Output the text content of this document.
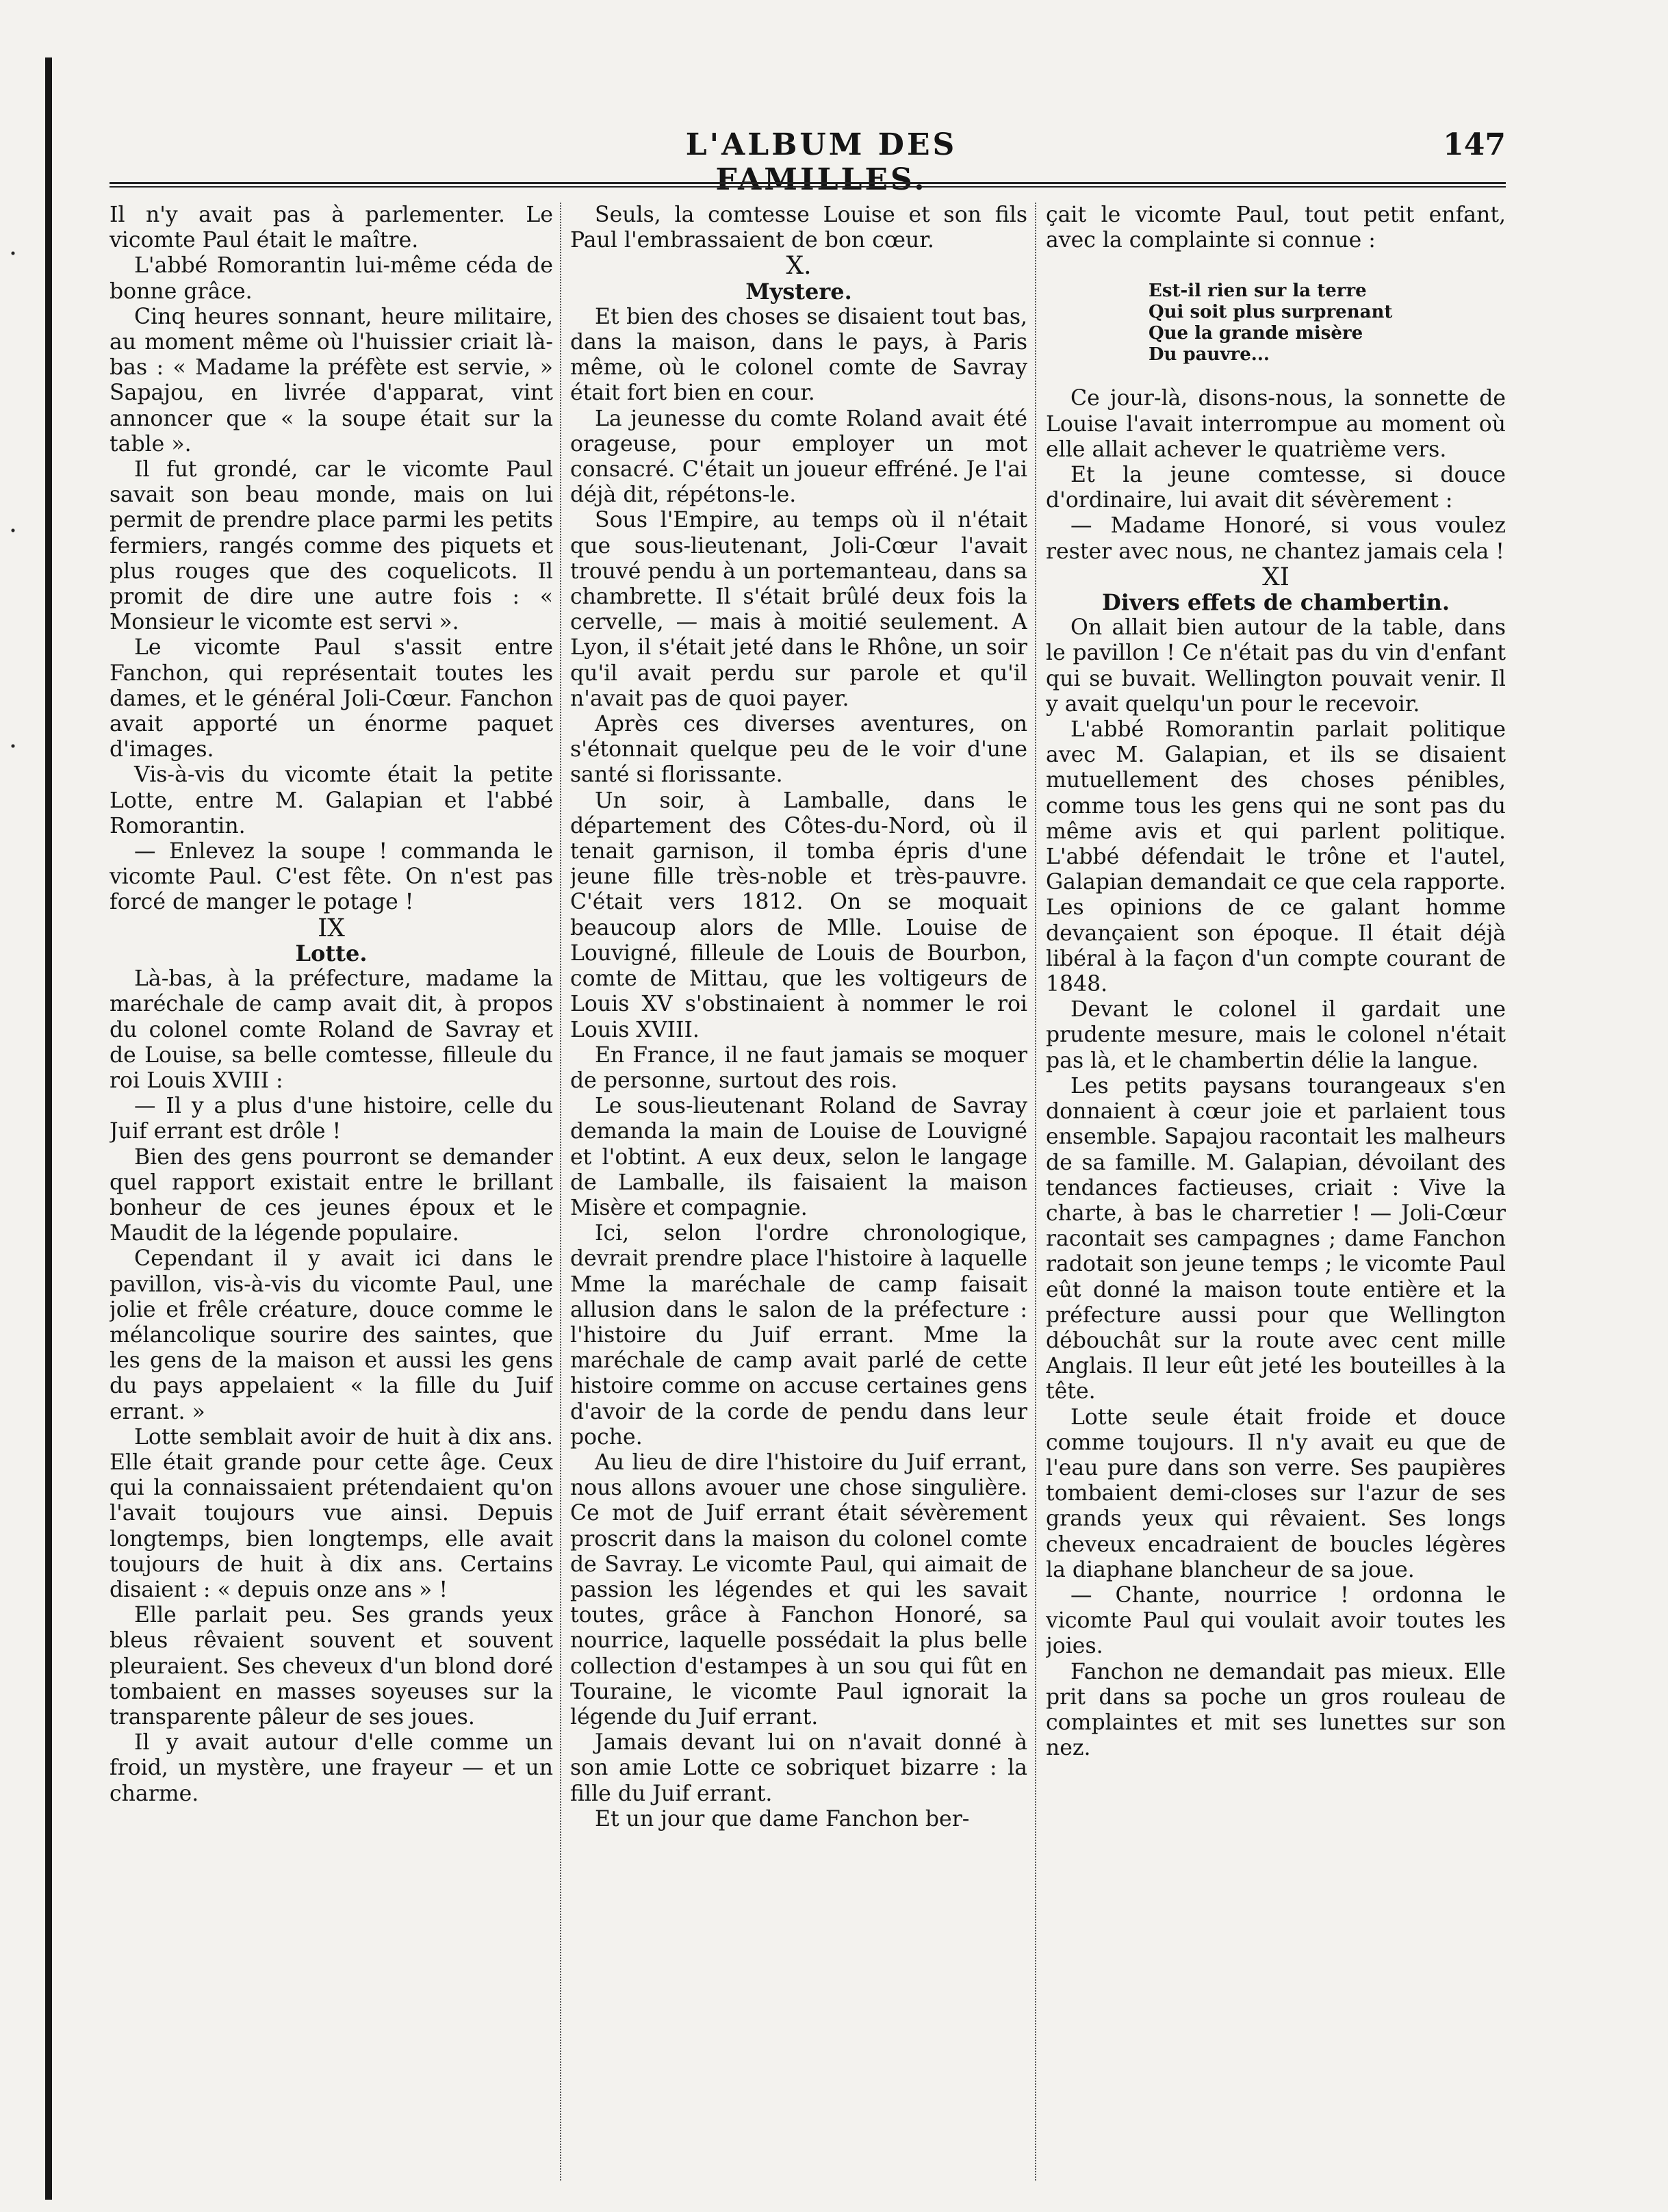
L'ALBUM DES FAMILLES.
147

Il n'y avait pas à parlementer. Le vicomte Paul était le maître.

L'abbé Romorantin lui-même céda de bonne grâce.

Cinq heures sonnant, heure militaire, au moment même où l'huissier criait là-bas : « Madame la préfète est servie, » Sapajou, en livrée d'apparat, vint annoncer que « la soupe était sur la table ».

Il fut grondé, car le vicomte Paul savait son beau monde, mais on lui permit de prendre place parmi les petits fermiers, rangés comme des piquets et plus rouges que des coquelicots. Il promit de dire une autre fois : « Monsieur le vicomte est servi ».

Le vicomte Paul s'assit entre Fanchon, qui représentait toutes les dames, et le général Joli-Cœur. Fanchon avait apporté un énorme paquet d'images.

Vis-à-vis du vicomte était la petite Lotte, entre M. Galapian et l'abbé Romorantin.

— Enlevez la soupe ! commanda le vicomte Paul. C'est fête. On n'est pas forcé de manger le potage !

IX

Lotte.

Là-bas, à la préfecture, madame la maréchale de camp avait dit, à propos du colonel comte Roland de Savray et de Louise, sa belle comtesse, filleule du roi Louis XVIII :

— Il y a plus d'une histoire, celle du Juif errant est drôle !

Bien des gens pourront se demander quel rapport existait entre le brillant bonheur de ces jeunes époux et le Maudit de la légende populaire.

Cependant il y avait ici dans le pavillon, vis-à-vis du vicomte Paul, une jolie et frêle créature, douce comme le mélancolique sourire des saintes, que les gens de la maison et aussi les gens du pays appelaient « la fille du Juif errant. »

Lotte semblait avoir de huit à dix ans. Elle était grande pour cette âge. Ceux qui la connaissaient prétendaient qu'on l'avait toujours vue ainsi. Depuis longtemps, bien longtemps, elle avait toujours de huit à dix ans. Certains disaient : « depuis onze ans » !

Elle parlait peu. Ses grands yeux bleus rêvaient souvent et souvent pleuraient. Ses cheveux d'un blond doré tombaient en masses soyeuses sur la transparente pâleur de ses joues.

Il y avait autour d'elle comme un froid, un mystère, une frayeur — et un charme.

Seuls, la comtesse Louise et son fils Paul l'embrassaient de bon cœur.

X.

Mystere.

Et bien des choses se disaient tout bas, dans la maison, dans le pays, à Paris même, où le colonel comte de Savray était fort bien en cour.

La jeunesse du comte Roland avait été orageuse, pour employer un mot consacré. C'était un joueur effréné. Je l'ai déjà dit, répétons-le.

Sous l'Empire, au temps où il n'était que sous-lieutenant, Joli-Cœur l'avait trouvé pendu à un portemanteau, dans sa chambrette. Il s'était brûlé deux fois la cervelle, — mais à moitié seulement. A Lyon, il s'était jeté dans le Rhône, un soir qu'il avait perdu sur parole et qu'il n'avait pas de quoi payer.

Après ces diverses aventures, on s'étonnait quelque peu de le voir d'une santé si florissante.

Un soir, à Lamballe, dans le département des Côtes-du-Nord, où il tenait garnison, il tomba épris d'une jeune fille très-noble et très-pauvre. C'était vers 1812. On se moquait beaucoup alors de Mlle. Louise de Louvigné, filleule de Louis de Bourbon, comte de Mittau, que les voltigeurs de Louis XV s'obstinaient à nommer le roi Louis XVIII.

En France, il ne faut jamais se moquer de personne, surtout des rois.

Le sous-lieutenant Roland de Savray demanda la main de Louise de Louvigné et l'obtint. A eux deux, selon le langage de Lamballe, ils faisaient la maison Misère et compagnie.

Ici, selon l'ordre chronologique, devrait prendre place l'histoire à laquelle Mme la maréchale de camp faisait allusion dans le salon de la préfecture : l'histoire du Juif errant. Mme la maréchale de camp avait parlé de cette histoire comme on accuse certaines gens d'avoir de la corde de pendu dans leur poche.

Au lieu de dire l'histoire du Juif errant, nous allons avouer une chose singulière. Ce mot de Juif errant était sévèrement proscrit dans la maison du colonel comte de Savray. Le vicomte Paul, qui aimait de passion les légendes et qui les savait toutes, grâce à Fanchon Honoré, sa nourrice, laquelle possédait la plus belle collection d'estampes à un sou qui fût en Touraine, le vicomte Paul ignorait la légende du Juif errant.

Jamais devant lui on n'avait donné à son amie Lotte ce sobriquet bizarre : la fille du Juif errant.

Et un jour que dame Fanchon ber-

çait le vicomte Paul, tout petit enfant, avec la complainte si connue :

Est-il rien sur la terre
Qui soit plus surprenant
Que la grande misère
Du pauvre...

Ce jour-là, disons-nous, la sonnette de Louise l'avait interrompue au moment où elle allait achever le quatrième vers.

Et la jeune comtesse, si douce d'ordinaire, lui avait dit sévèrement :

— Madame Honoré, si vous voulez rester avec nous, ne chantez jamais cela !

XI

Divers effets de chambertin.

On allait bien autour de la table, dans le pavillon ! Ce n'était pas du vin d'enfant qui se buvait. Wellington pouvait venir. Il y avait quelqu'un pour le recevoir.

L'abbé Romorantin parlait politique avec M. Galapian, et ils se disaient mutuellement des choses pénibles, comme tous les gens qui ne sont pas du même avis et qui parlent politique. L'abbé défendait le trône et l'autel, Galapian demandait ce que cela rapporte. Les opinions de ce galant homme devançaient son époque. Il était déjà libéral à la façon d'un compte courant de 1848.

Devant le colonel il gardait une prudente mesure, mais le colonel n'était pas là, et le chambertin délie la langue.

Les petits paysans tourangeaux s'en donnaient à cœur joie et parlaient tous ensemble. Sapajou racontait les malheurs de sa famille. M. Galapian, dévoilant des tendances factieuses, criait : Vive la charte, à bas le charretier ! — Joli-Cœur racontait ses campagnes ; dame Fanchon radotait son jeune temps ; le vicomte Paul eût donné la maison toute entière et la préfecture aussi pour que Wellington débouchât sur la route avec cent mille Anglais. Il leur eût jeté les bouteilles à la tête.

Lotte seule était froide et douce comme toujours. Il n'y avait eu que de l'eau pure dans son verre. Ses paupières tombaient demi-closes sur l'azur de ses grands yeux qui rêvaient. Ses longs cheveux encadraient de boucles légères la diaphane blancheur de sa joue.

— Chante, nourrice ! ordonna le vicomte Paul qui voulait avoir toutes les joies.

Fanchon ne demandait pas mieux. Elle prit dans sa poche un gros rouleau de complaintes et mit ses lunettes sur son nez.
